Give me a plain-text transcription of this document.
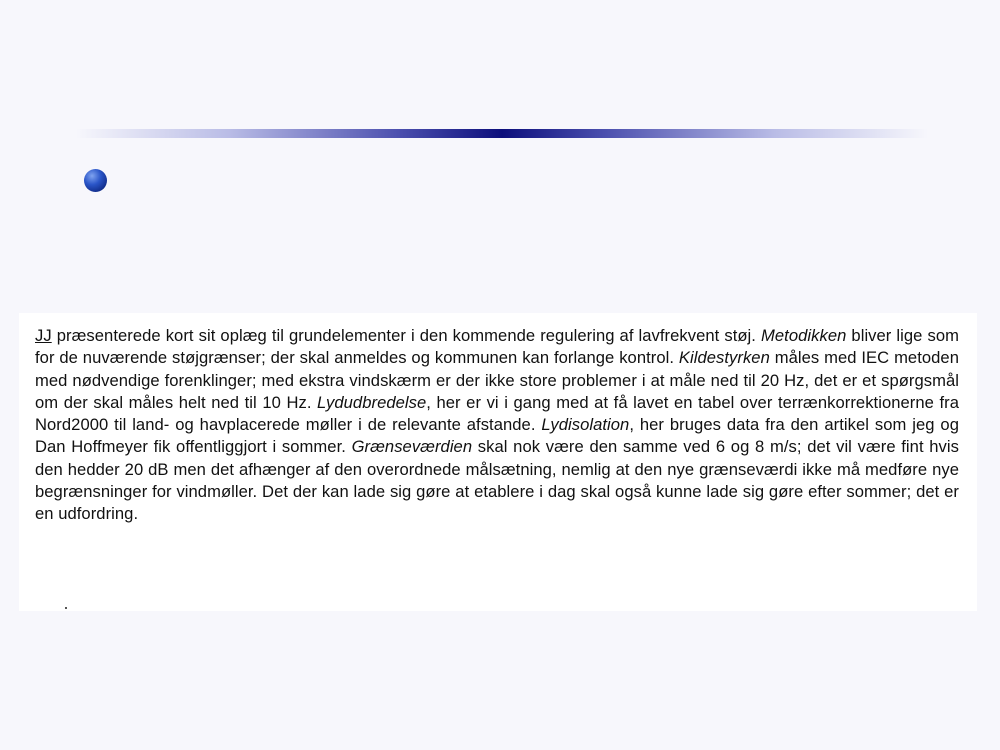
JJ præsenterede kort sit oplæg til grundelementer i den kommende regulering af lavfrekvent støj. Metodikken bliver lige som for de nuværende støjgrænser; der skal anmeldes og kommunen kan forlange kontrol. Kildestyrken måles med IEC metoden med nødvendige forenklinger; med ekstra vindskærm er der ikke store problemer i at måle ned til 20 Hz, det er et spørgsmål om der skal måles helt ned til 10 Hz. Lydudbredelse, her er vi i gang med at få lavet en tabel over terrænkorrektionerne fra Nord2000 til land- og havplacerede møller i de relevante afstande. Lydisolation, her bruges data fra den artikel som jeg og Dan Hoffmeyer fik offentliggjort i sommer. Grænseværdien skal nok være den samme ved 6 og 8 m/s; det vil være fint hvis den hedder 20 dB men det afhænger af den overordnede målsætning, nemlig at den nye grænseværdi ikke må medføre nye begrænsninger for vindmøller. Det der kan lade sig gøre at etablere i dag skal også kunne lade sig gøre efter sommer; det er en udfordring.
